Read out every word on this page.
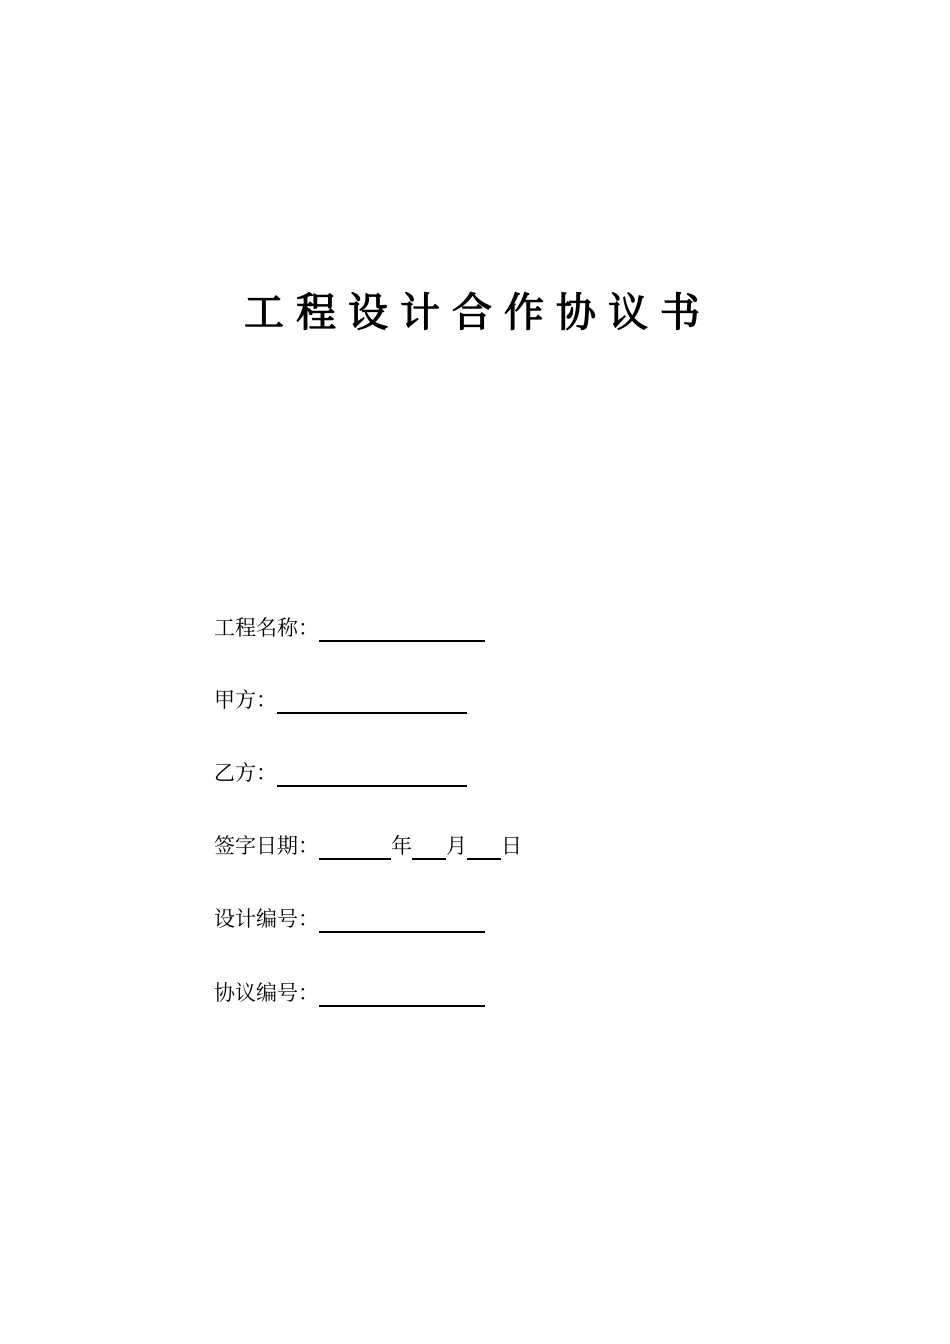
工程设计合作协议书
工程名称：
甲方：
乙方：
签字日期：	年 月 日
设计编号：
协议编号：
